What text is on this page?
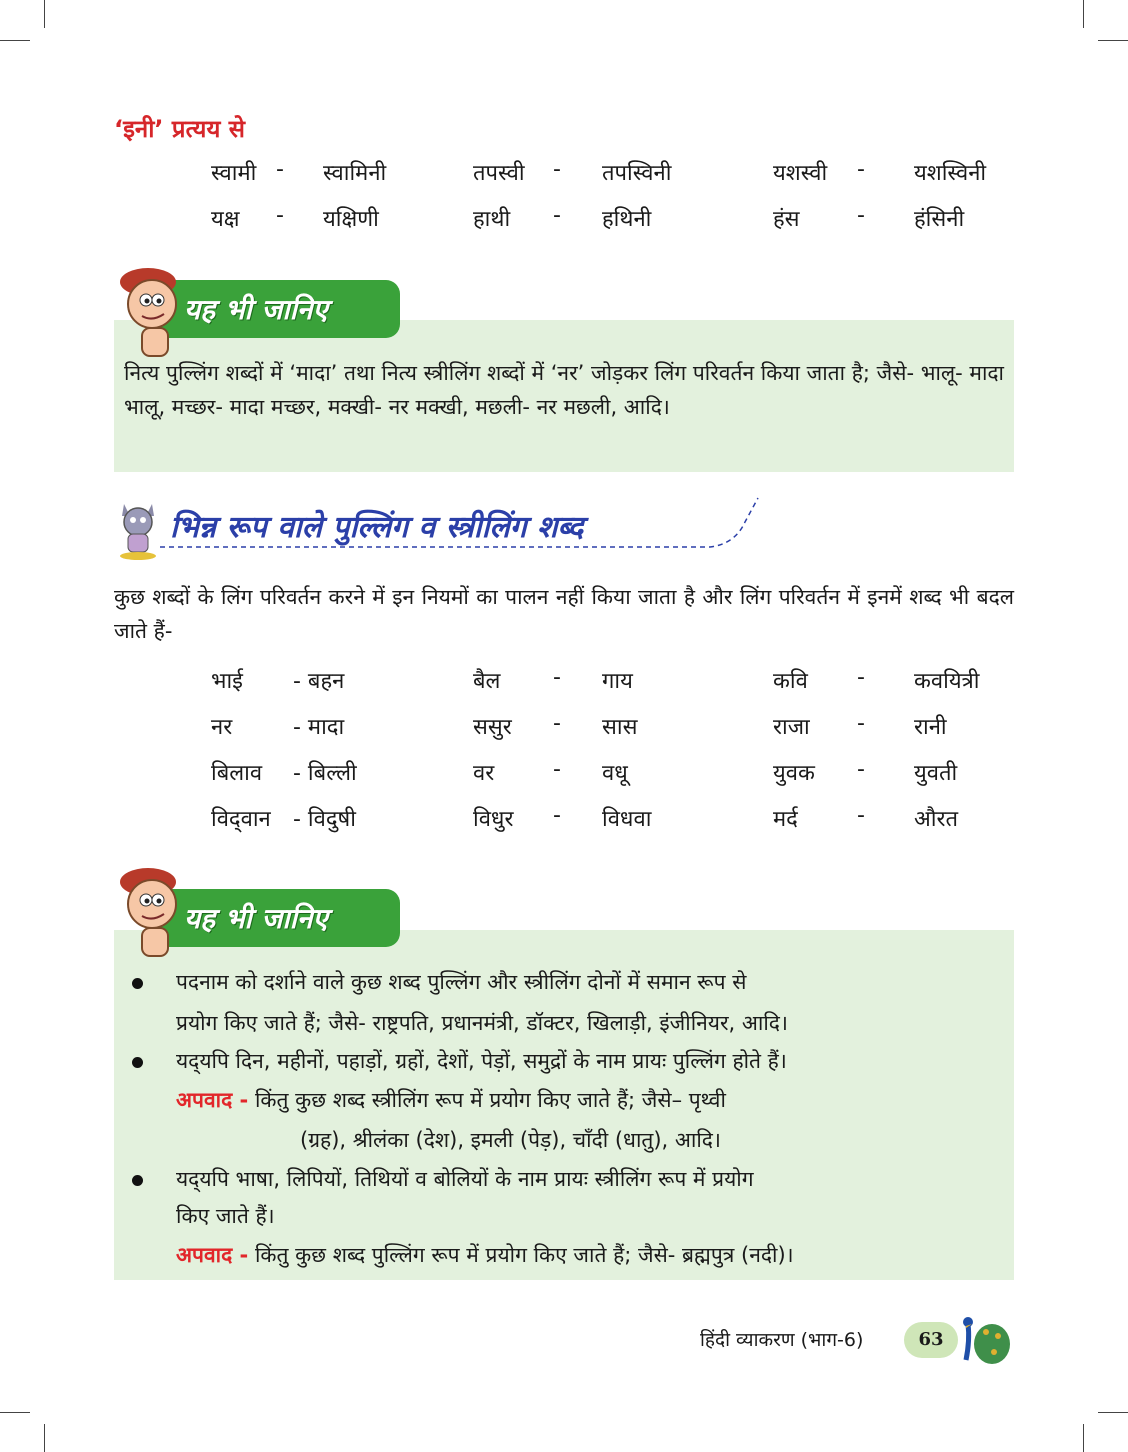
‘इनी’ प्रत्यय से
स्वामी - स्वामिनी	तपस्वी - तपस्विनी	यशस्वी - यशस्विनी
यक्ष - यक्षिणी	हाथी - हथिनी	हंस	- हंसिनी
यह भी जानिए
नित्य पुल्लिंग शब्दों में ‘मादा’ तथा नित्य स्त्रीलिंग शब्दों में ‘नर’ जोड़कर लिंग परिवर्तन किया जाता है; जैसे- भालू- मादा भालू, मच्छर- मादा मच्छर, मक्खी- नर मक्खी, मछली- नर मछली, आदि।
भिन्न रूप वाले पुल्लिंग व स्त्रीलिंग शब्द
कुछ शब्दों के लिंग परिवर्तन करने में इन नियमों का पालन नहीं किया जाता है और लिंग परिवर्तन में इनमें शब्द भी बदल जाते हैं-
भाई - बहन	बैल - गाय	कवि - कवयित्री
नर	- मादा	ससुर - सास	राजा - रानी
बिलाव - बिल्ली	वर	- वधू	युवक - युवती
विद्‌वान - विदुषी	विधुर - विधवा	मर्द	- औरत
यह भी जानिए
पदनाम को दर्शाने वाले कुछ शब्द पुल्लिंग और स्त्रीलिंग दोनों में समान रूप से
प्रयोग किए जाते हैं; जैसे- राष्ट्रपति, प्रधानमंत्री, डॉक्टर, खिलाड़ी, इंजीनियर, आदि।
यद्‌यपि दिन, महीनों, पहाड़ों, ग्रहों, देशों, पेड़ों, समुद्रों के नाम प्रायः पुल्लिंग होते हैं।
अपवाद - किंतु कुछ शब्द स्त्रीलिंग रूप में प्रयोग किए जाते हैं; जैसे– पृथ्वी
(ग्रह), श्रीलंका (देश), इमली (पेड़), चाँदी (धातु), आदि।
यद्‌यपि भाषा, लिपियों, तिथियों व बोलियों के नाम प्रायः स्त्रीलिंग रूप में प्रयोग
किए जाते हैं।
अपवाद - किंतु कुछ शब्द पुल्लिंग रूप में प्रयोग किए जाते हैं; जैसे- ब्रह्मपुत्र (नदी)।
हिंदी व्याकरण (भाग-6)	63
